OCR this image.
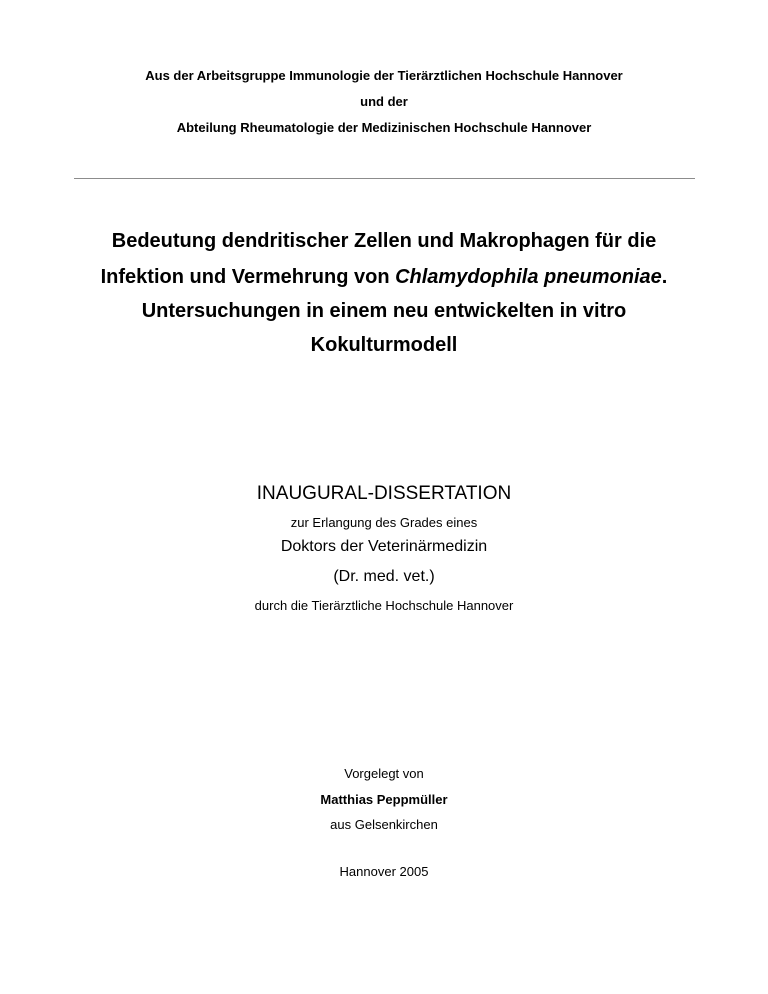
Aus der Arbeitsgruppe Immunologie der Tierärztlichen Hochschule Hannover
und der
Abteilung Rheumatologie der Medizinischen Hochschule Hannover
Bedeutung dendritischer Zellen und Makrophagen für die
Infektion und Vermehrung von Chlamydophila pneumoniae.
Untersuchungen in einem neu entwickelten in vitro
Kokulturmodell
INAUGURAL-DISSERTATION
zur Erlangung des Grades eines
Doktors der Veterinärmedizin
(Dr. med. vet.)
durch die Tierärztliche Hochschule Hannover
Vorgelegt von
Matthias Peppmüller
aus Gelsenkirchen
Hannover 2005
